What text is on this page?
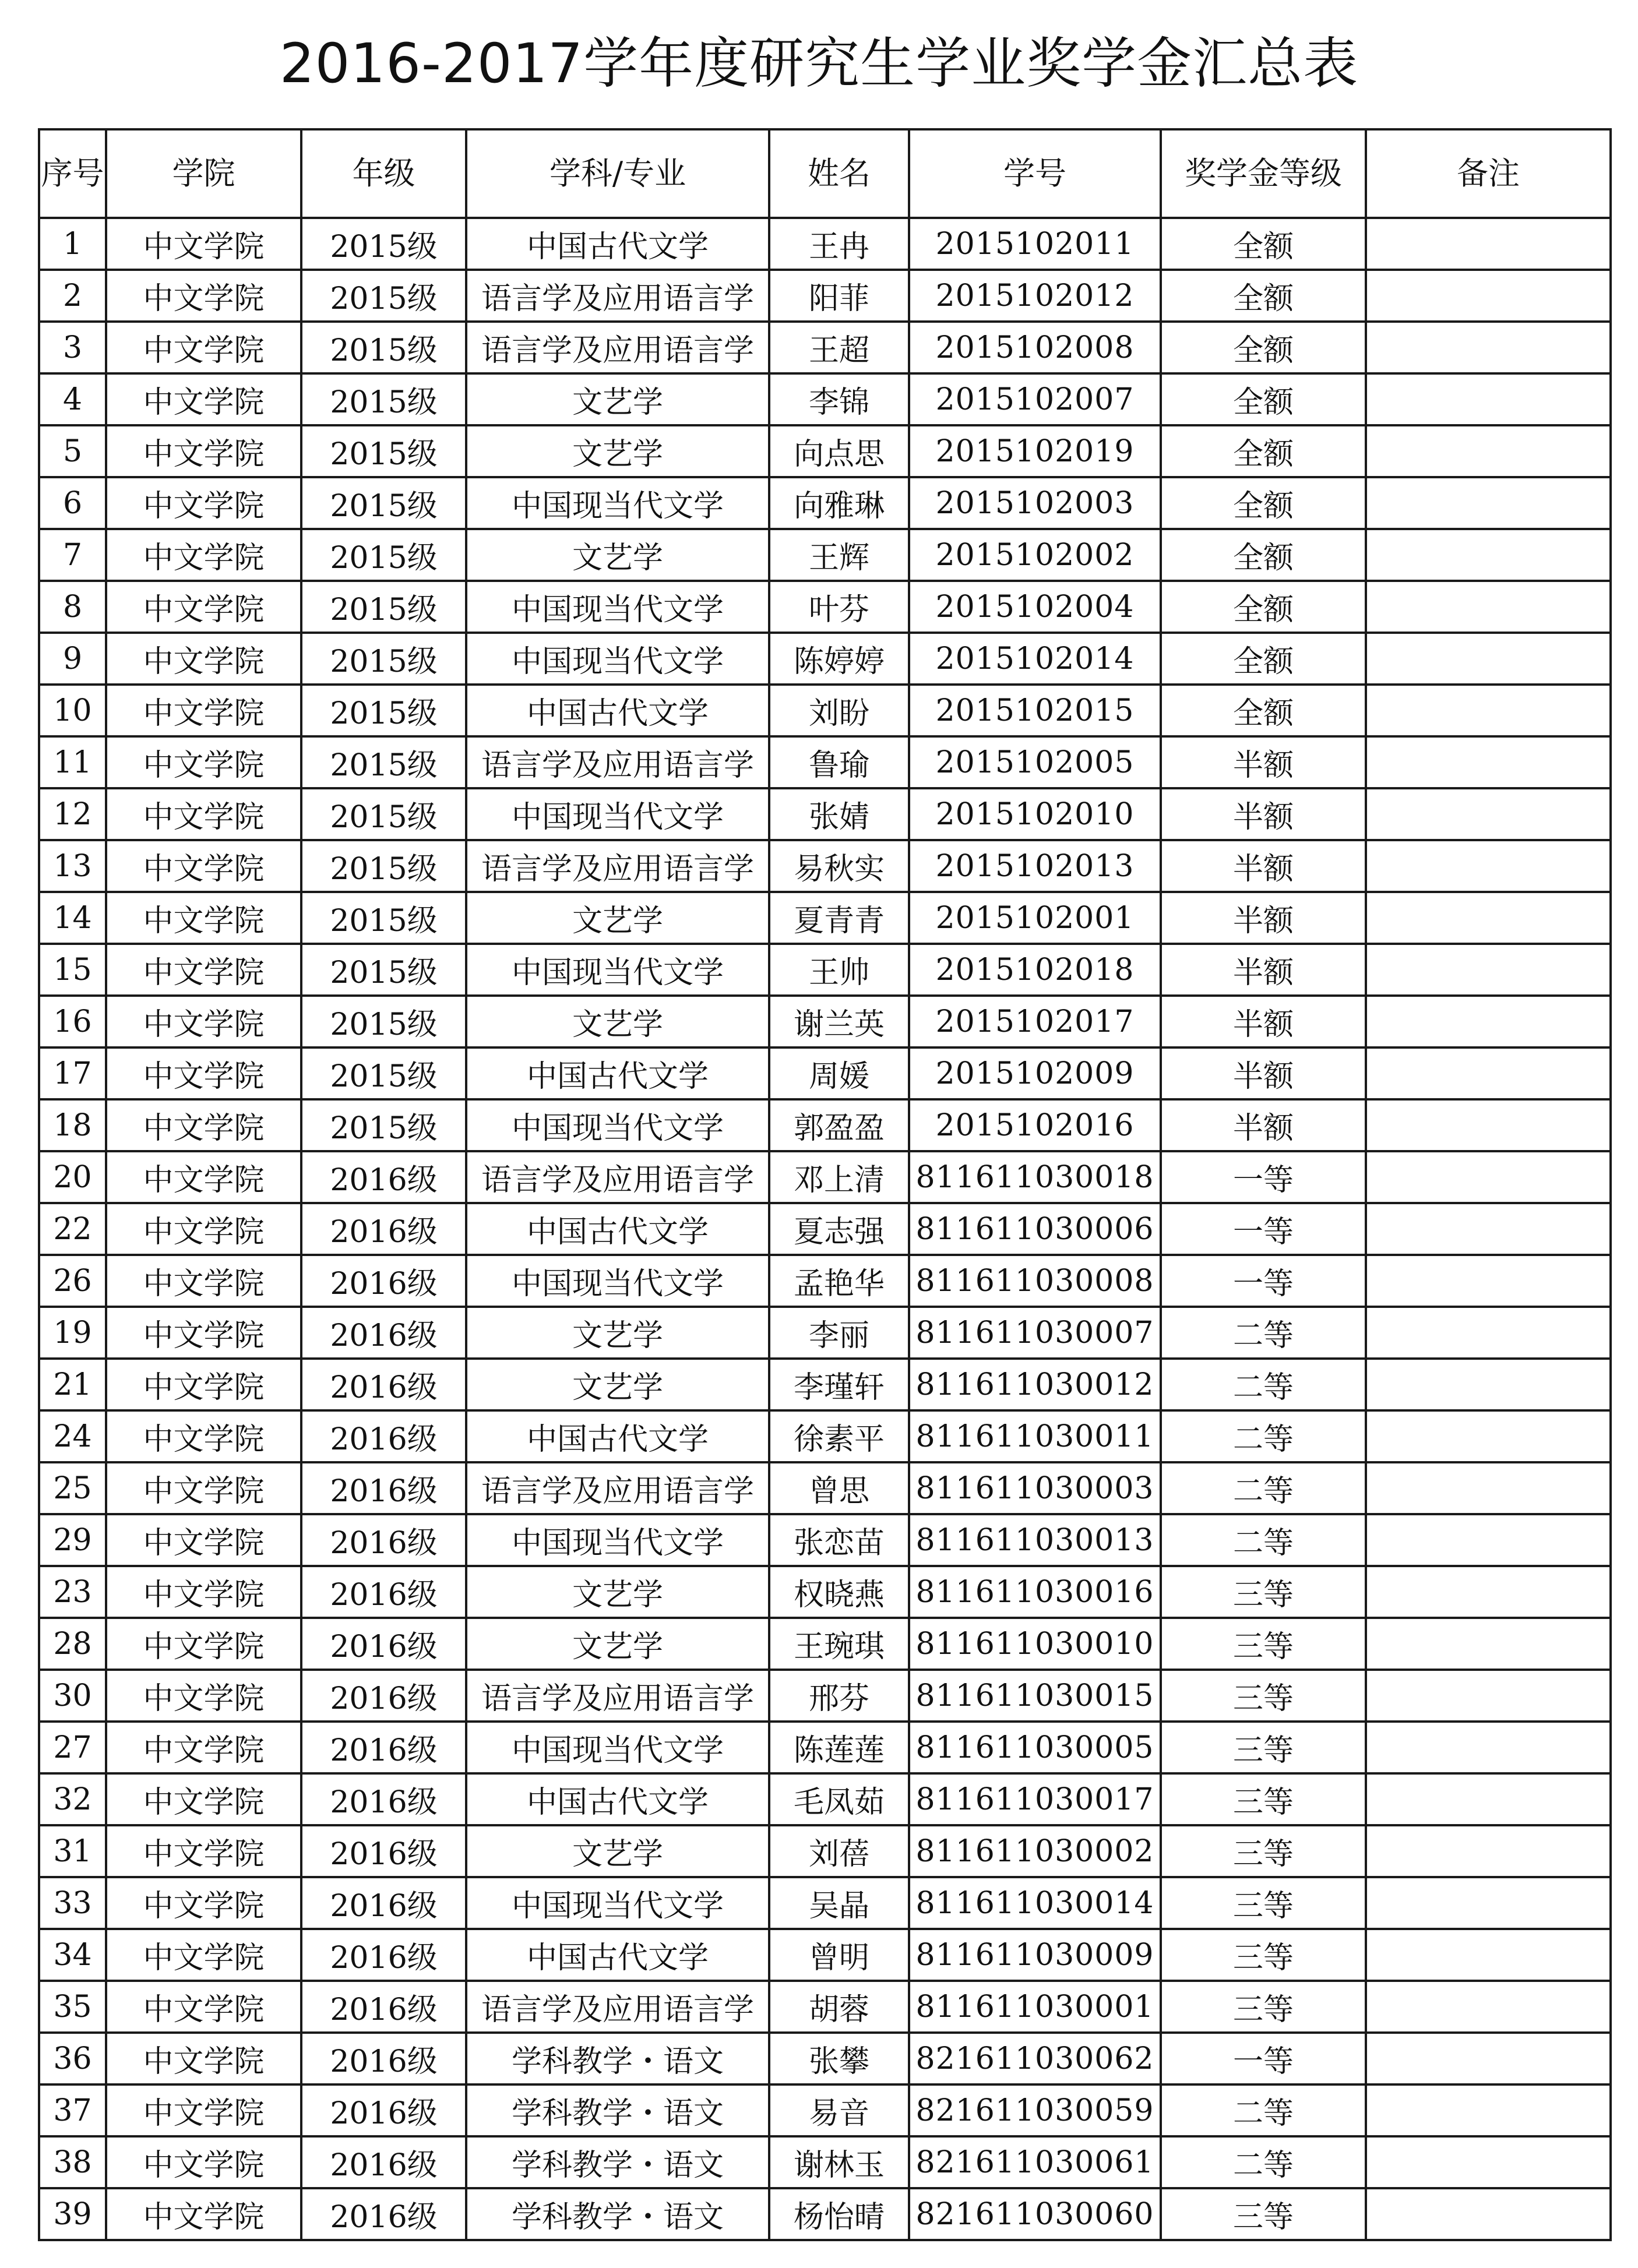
2016-2017学年度研究生学业奖学金汇总表
序号	学院	年级	学科/专业	姓名	学号	奖学金等级	备注
1	中文学院	2015级	中国古代文学	王冉	2015102011	全额	
2	中文学院	2015级	语言学及应用语言学	阳菲	2015102012	全额	
3	中文学院	2015级	语言学及应用语言学	王超	2015102008	全额	
4	中文学院	2015级	文艺学	李锦	2015102007	全额	
5	中文学院	2015级	文艺学	向点思	2015102019	全额	
6	中文学院	2015级	中国现当代文学	向雅琳	2015102003	全额	
7	中文学院	2015级	文艺学	王辉	2015102002	全额	
8	中文学院	2015级	中国现当代文学	叶芬	2015102004	全额	
9	中文学院	2015级	中国现当代文学	陈婷婷	2015102014	全额	
10	中文学院	2015级	中国古代文学	刘盼	2015102015	全额	
11	中文学院	2015级	语言学及应用语言学	鲁瑜	2015102005	半额	
12	中文学院	2015级	中国现当代文学	张婧	2015102010	半额	
13	中文学院	2015级	语言学及应用语言学	易秋实	2015102013	半额	
14	中文学院	2015级	文艺学	夏青青	2015102001	半额	
15	中文学院	2015级	中国现当代文学	王帅	2015102018	半额	
16	中文学院	2015级	文艺学	谢兰英	2015102017	半额	
17	中文学院	2015级	中国古代文学	周媛	2015102009	半额	
18	中文学院	2015级	中国现当代文学	郭盈盈	2015102016	半额	
20	中文学院	2016级	语言学及应用语言学	邓上清	811611030018	一等	
22	中文学院	2016级	中国古代文学	夏志强	811611030006	一等	
26	中文学院	2016级	中国现当代文学	孟艳华	811611030008	一等	
19	中文学院	2016级	文艺学	李丽	811611030007	二等	
21	中文学院	2016级	文艺学	李瑾轩	811611030012	二等	
24	中文学院	2016级	中国古代文学	徐素平	811611030011	二等	
25	中文学院	2016级	语言学及应用语言学	曾思	811611030003	二等	
29	中文学院	2016级	中国现当代文学	张恋苗	811611030013	二等	
23	中文学院	2016级	文艺学	权晓燕	811611030016	三等	
28	中文学院	2016级	文艺学	王琬琪	811611030010	三等	
30	中文学院	2016级	语言学及应用语言学	邢芬	811611030015	三等	
27	中文学院	2016级	中国现当代文学	陈莲莲	811611030005	三等	
32	中文学院	2016级	中国古代文学	毛凤茹	811611030017	三等	
31	中文学院	2016级	文艺学	刘蓓	811611030002	三等	
33	中文学院	2016级	中国现当代文学	吴晶	811611030014	三等	
34	中文学院	2016级	中国古代文学	曾明	811611030009	三等	
35	中文学院	2016级	语言学及应用语言学	胡蓉	811611030001	三等	
36	中文学院	2016级	学科教学・语文	张攀	821611030062	一等	
37	中文学院	2016级	学科教学・语文	易音	821611030059	二等	
38	中文学院	2016级	学科教学・语文	谢林玉	821611030061	二等	
39	中文学院	2016级	学科教学・语文	杨怡晴	821611030060	三等	
